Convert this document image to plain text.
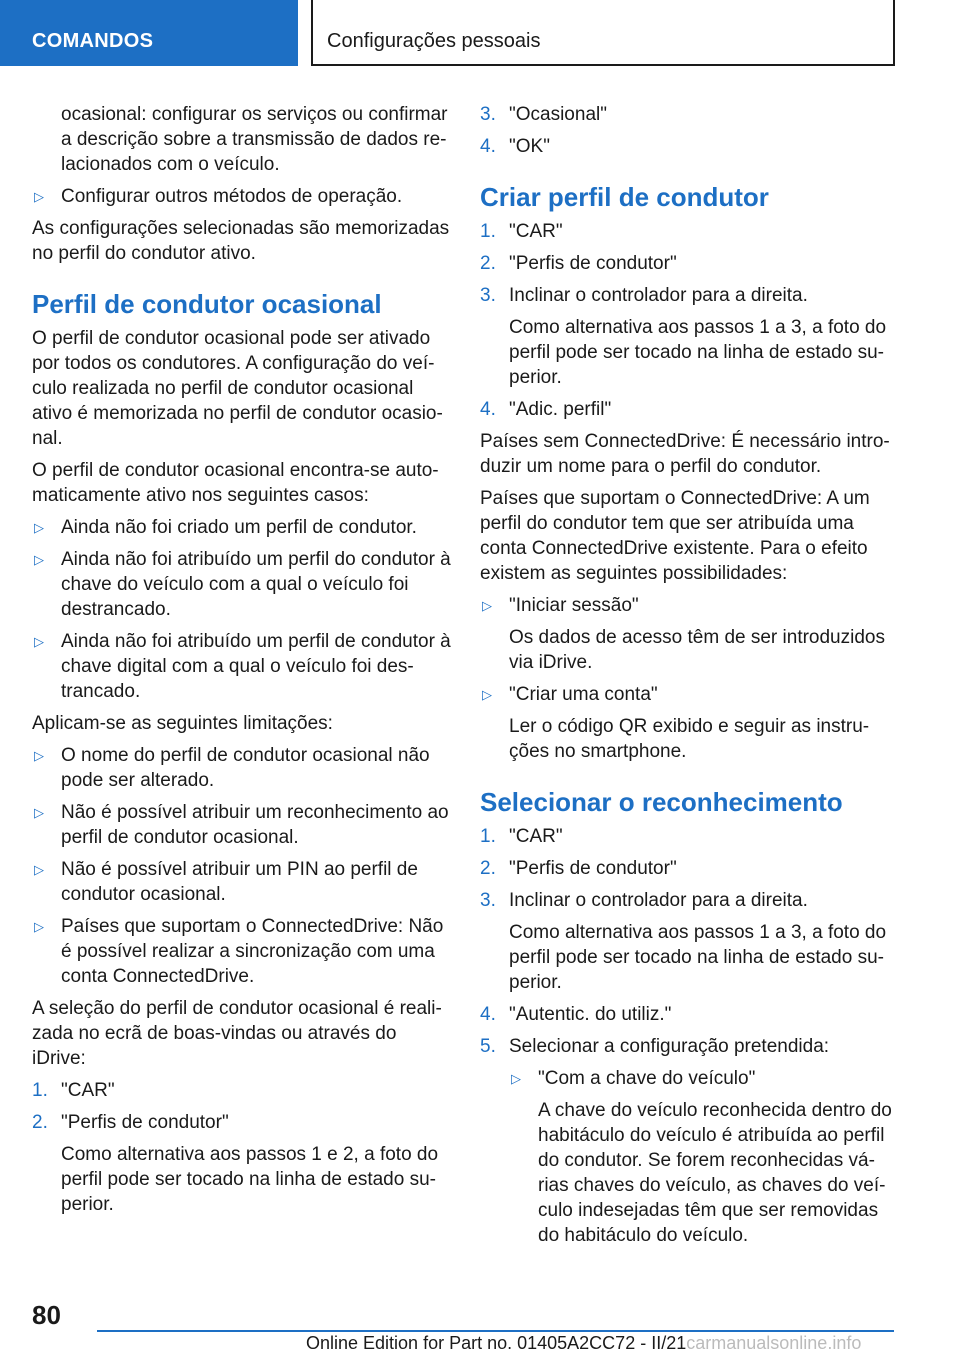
COMANDOS	Configurações pessoais
ocasional: configurar os serviços ou confirmar a descrição sobre a transmissão de dados re-lacionados com o veículo.
▷ Configurar outros métodos de operação.
As configurações selecionadas são memorizadas no perfil do condutor ativo.
Perfil de condutor ocasional
O perfil de condutor ocasional pode ser ativado por todos os condutores. A configuração do veí-culo realizada no perfil de condutor ocasional ativo é memorizada no perfil de condutor ocasio-nal.
O perfil de condutor ocasional encontra-se auto-maticamente ativo nos seguintes casos:
▷ Ainda não foi criado um perfil de condutor.
▷ Ainda não foi atribuído um perfil do condutor à chave do veículo com a qual o veículo foi destrancado.
▷ Ainda não foi atribuído um perfil de condutor à chave digital com a qual o veículo foi des-trancado.
Aplicam-se as seguintes limitações:
▷ O nome do perfil de condutor ocasional não pode ser alterado.
▷ Não é possível atribuir um reconhecimento ao perfil de condutor ocasional.
▷ Não é possível atribuir um PIN ao perfil de condutor ocasional.
▷ Países que suportam o ConnectedDrive: Não é possível realizar a sincronização com uma conta ConnectedDrive.
A seleção do perfil de condutor ocasional é reali-zada no ecrã de boas-vindas ou através do iDrive:
1. "CAR"
2. "Perfis de condutor"
Como alternativa aos passos 1 e 2, a foto do perfil pode ser tocado na linha de estado su-perior.
3. "Ocasional"
4. "OK"
Criar perfil de condutor
1. "CAR"
2. "Perfis de condutor"
3. Inclinar o controlador para a direita.
Como alternativa aos passos 1 a 3, a foto do perfil pode ser tocado na linha de estado su-perior.
4. "Adic. perfil"
Países sem ConnectedDrive: É necessário intro-duzir um nome para o perfil do condutor.
Países que suportam o ConnectedDrive: A um perfil do condutor tem que ser atribuída uma conta ConnectedDrive existente. Para o efeito existem as seguintes possibilidades:
▷ "Iniciar sessão"
Os dados de acesso têm de ser introduzidos via iDrive.
▷ "Criar uma conta"
Ler o código QR exibido e seguir as instru-ções no smartphone.
Selecionar o reconhecimento
1. "CAR"
2. "Perfis de condutor"
3. Inclinar o controlador para a direita.
Como alternativa aos passos 1 a 3, a foto do perfil pode ser tocado na linha de estado su-perior.
4. "Autentic. do utiliz."
5. Selecionar a configuração pretendida:
▷ "Com a chave do veículo"
A chave do veículo reconhecida dentro do habitáculo do veículo é atribuída ao perfil do condutor. Se forem reconhecidas vá-rias chaves do veículo, as chaves do veí-culo indesejadas têm que ser removidas do habitáculo do veículo.
80
Online Edition for Part no. 01405A2CC72 - II/21carmanualsonline.info
